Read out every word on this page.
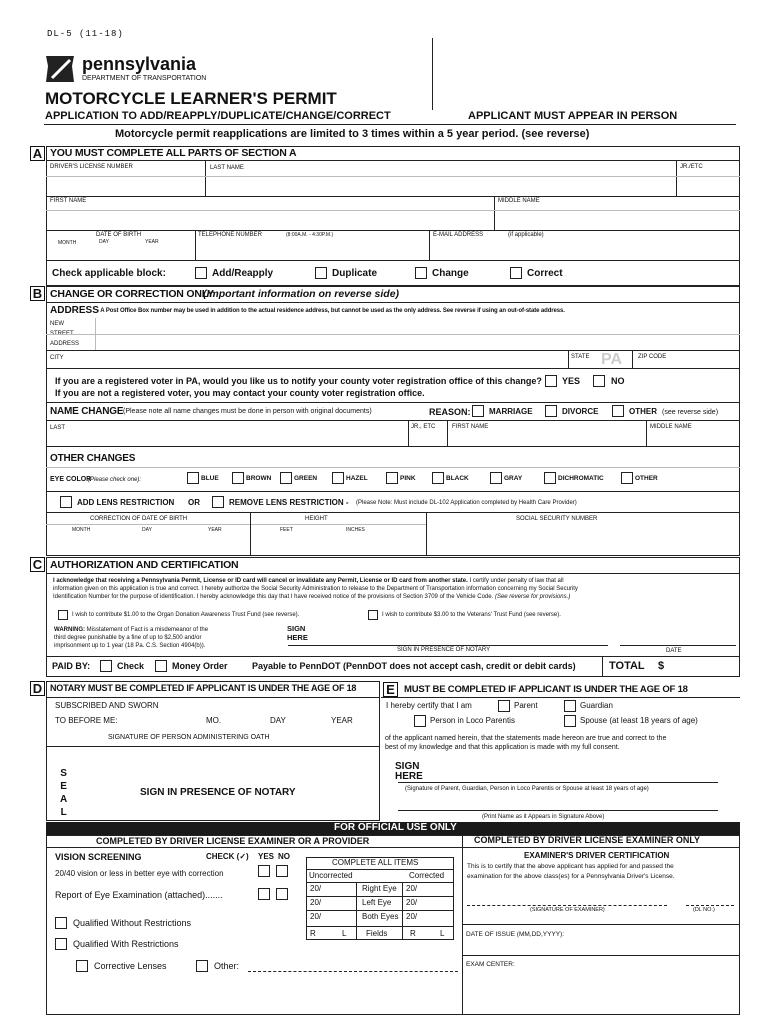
DL-5 (11-18)
pennsylvania
DEPARTMENT OF TRANSPORTATION
MOTORCYCLE LEARNER'S PERMIT
APPLICATION TO ADD/REAPPLY/DUPLICATE/CHANGE/CORRECT	APPLICANT MUST APPEAR IN PERSON
Motorcycle permit reapplications are limited to 3 times within a 5 year period. (see reverse)
A YOU MUST COMPLETE ALL PARTS OF SECTION A
DRIVER'S LICENSE NUMBER	LAST NAME	JR./ETC
FIRST NAME	MIDDLE NAME
DATE OF BIRTH
MONTH	DAY	YEAR
TELEPHONE NUMBER	(8:00A.M. - 4:30P.M.)	E-MAIL ADDRESS	(if applicable)
Check applicable block:	Add/Reapply	Duplicate	Change	Correct
B CHANGE OR CORRECTION ONLY
(Important information on reverse side)
ADDRESS
- A Post Office Box number may be used in addition to the actual residence address, but cannot be used as the only address. See reverse if using an out-of-state address.
NEW
STREET
ADDRESS
CITY	STATE PA	ZIP CODE
If you are a registered voter in PA, would you like us to notify your county voter registration office of this change?
If you are not a registered voter, you may contact your county voter registration office.
YES	NO
NAME CHANGE (Please note all name changes must be done in person with original documents)	REASON: MARRIAGE	DIVORCE	OTHER (see reverse side)
LAST	JR., ETC	FIRST NAME	MIDDLE NAME
OTHER CHANGES
EYE COLOR
(Please check one):	BLUE	BROWN	GREEN	HAZEL	PINK	BLACK	GRAY	DICHROMATIC	OTHER
ADD LENS RESTRICTION OR	REMOVE LENS RESTRICTION - (Please Note: Must include DL-102 Application completed by Health Care Provider)
CORRECTION OF DATE OF BIRTH	HEIGHT	SOCIAL SECURITY NUMBER
MONTH	DAY	YEAR	FEET	INCHES
C AUTHORIZATION AND CERTIFICATION
I acknowledge that receiving a Pennsylvania Permit, License or ID card will cancel or invalidate any Permit, License or ID card from another state. I certify under penalty of law that all
information given on this application is true and correct. I hereby authorize the Social Security Administration to release to the Department of Transportation information concerning my Social Security
Identification Number for the purpose of identification. I hereby acknowledge this day that I have received notice of the provisions of Section 3709 of the Vehicle Code. (See reverse for provisions.)
I wish to contribute $1.00 to the Organ Donation Awareness Trust Fund (see reverse).	I wish to contribute $3.00 to the Veterans' Trust Fund (see reverse).
WARNING: Misstatement of Fact is a misdemeanor of the
third degree punishable by a fine of up to $2,500 and/or
imprisonment up to 1 year (18 Pa. C.S. Section 4904(b)).
SIGN
HERE
SIGN IN PRESENCE OF NOTARY	DATE
PAID BY:	Check	Money Order	Payable to PennDOT (PennDOT does not accept cash, credit or debit cards)	TOTAL $
D NOTARY MUST BE COMPLETED IF APPLICANT IS UNDER THE AGE OF 18
SUBSCRIBED AND SWORN
TO BEFORE ME:	MO.	DAY	YEAR
SIGNATURE OF PERSON ADMINISTERING OATH
S
E
A
L
SIGN IN PRESENCE OF NOTARY
E MUST BE COMPLETED IF APPLICANT IS UNDER THE AGE OF 18
I hereby certify that I am	Parent	Guardian
Person in Loco Parentis	Spouse (at least 18 years of age)
of the applicant named herein, that the statements made hereon are true and correct to the
best of my knowledge and that this application is made with my full consent.
SIGN
HERE
(Signature of Parent, Guardian, Person in Loco Parentis or Spouse at least 18 years of age)
(Print Name as it Appears in Signature Above)
FOR OFFICIAL USE ONLY
COMPLETED BY DRIVER LICENSE EXAMINER OR A PROVIDER	COMPLETED BY DRIVER LICENSE EXAMINER ONLY
VISION SCREENING	CHECK (✓) YES NO
20/40 vision or less in better eye with correction
Report of Eye Examination (attached).......
Qualified Without Restrictions
Qualified With Restrictions
Corrective Lenses	Other:
COMPLETE ALL ITEMS
Uncorrected	Corrected
20/	Right Eye 20/
20/	Left Eye 20/
20/	Both Eyes 20/
R	L Fields	R	L
EXAMINER'S DRIVER CERTIFICATION
This is to certify that the above applicant has applied for and passed the
examination for the above class(es) for a Pennsylvania Driver's License.
(SIGNATURE OF EXAMINER)	(DL NO.)
DATE OF ISSUE (MM,DD,YYYY):
EXAM CENTER:
